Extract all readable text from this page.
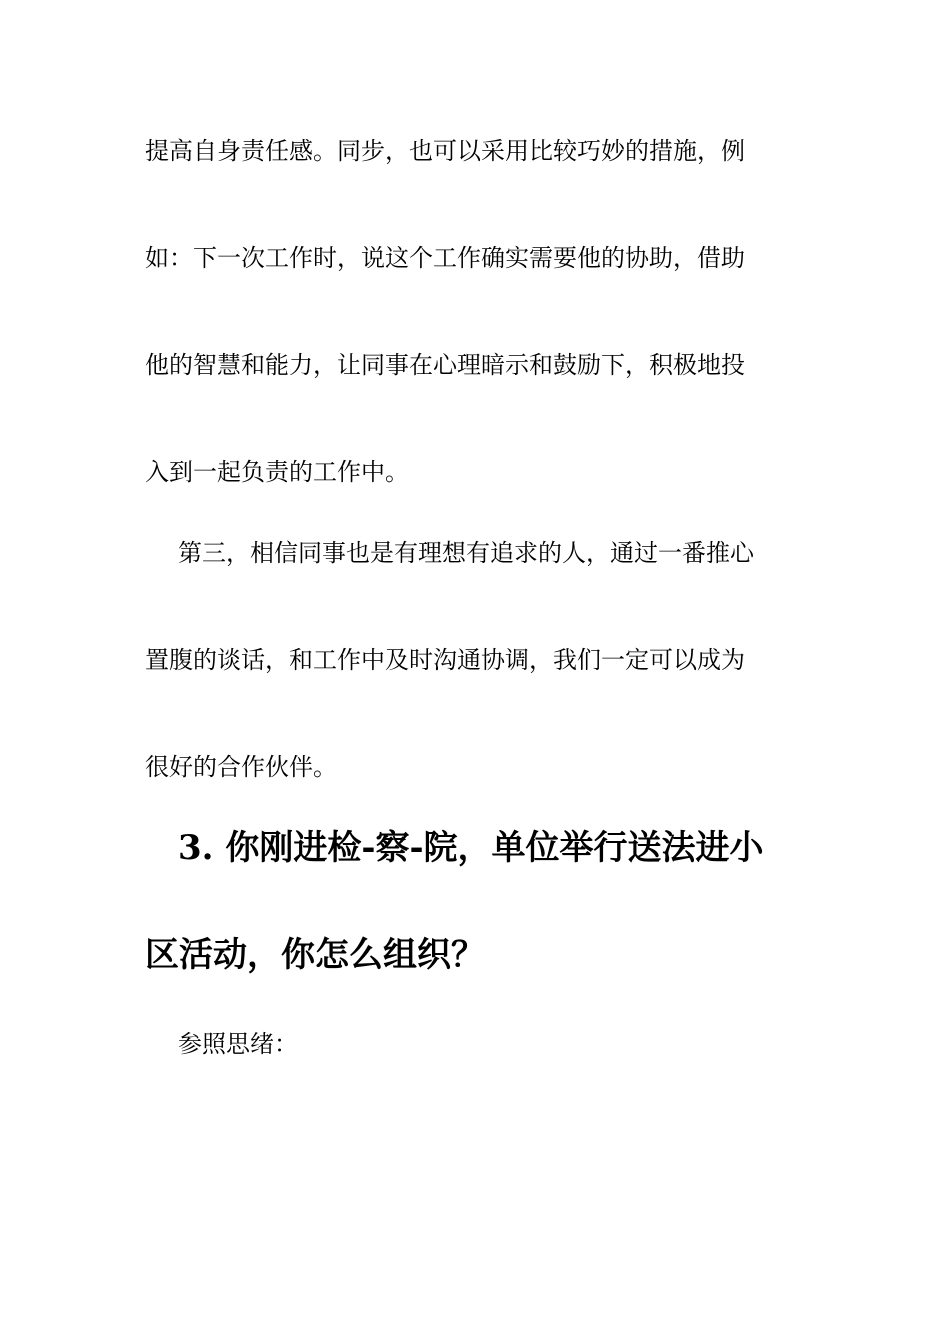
提高自身责任感。同步，也可以采用比较巧妙的措施，例
如：下一次工作时，说这个工作确实需要他的协助，借助
他的智慧和能力，让同事在心理暗示和鼓励下，积极地投
入到一起负责的工作中。
第三，相信同事也是有理想有追求的人，通过一番推心
置腹的谈话，和工作中及时沟通协调，我们一定可以成为
很好的合作伙伴。
3. 你刚进检-察-院，单位举行送法进小
区活动，你怎么组织？
参照思绪：
